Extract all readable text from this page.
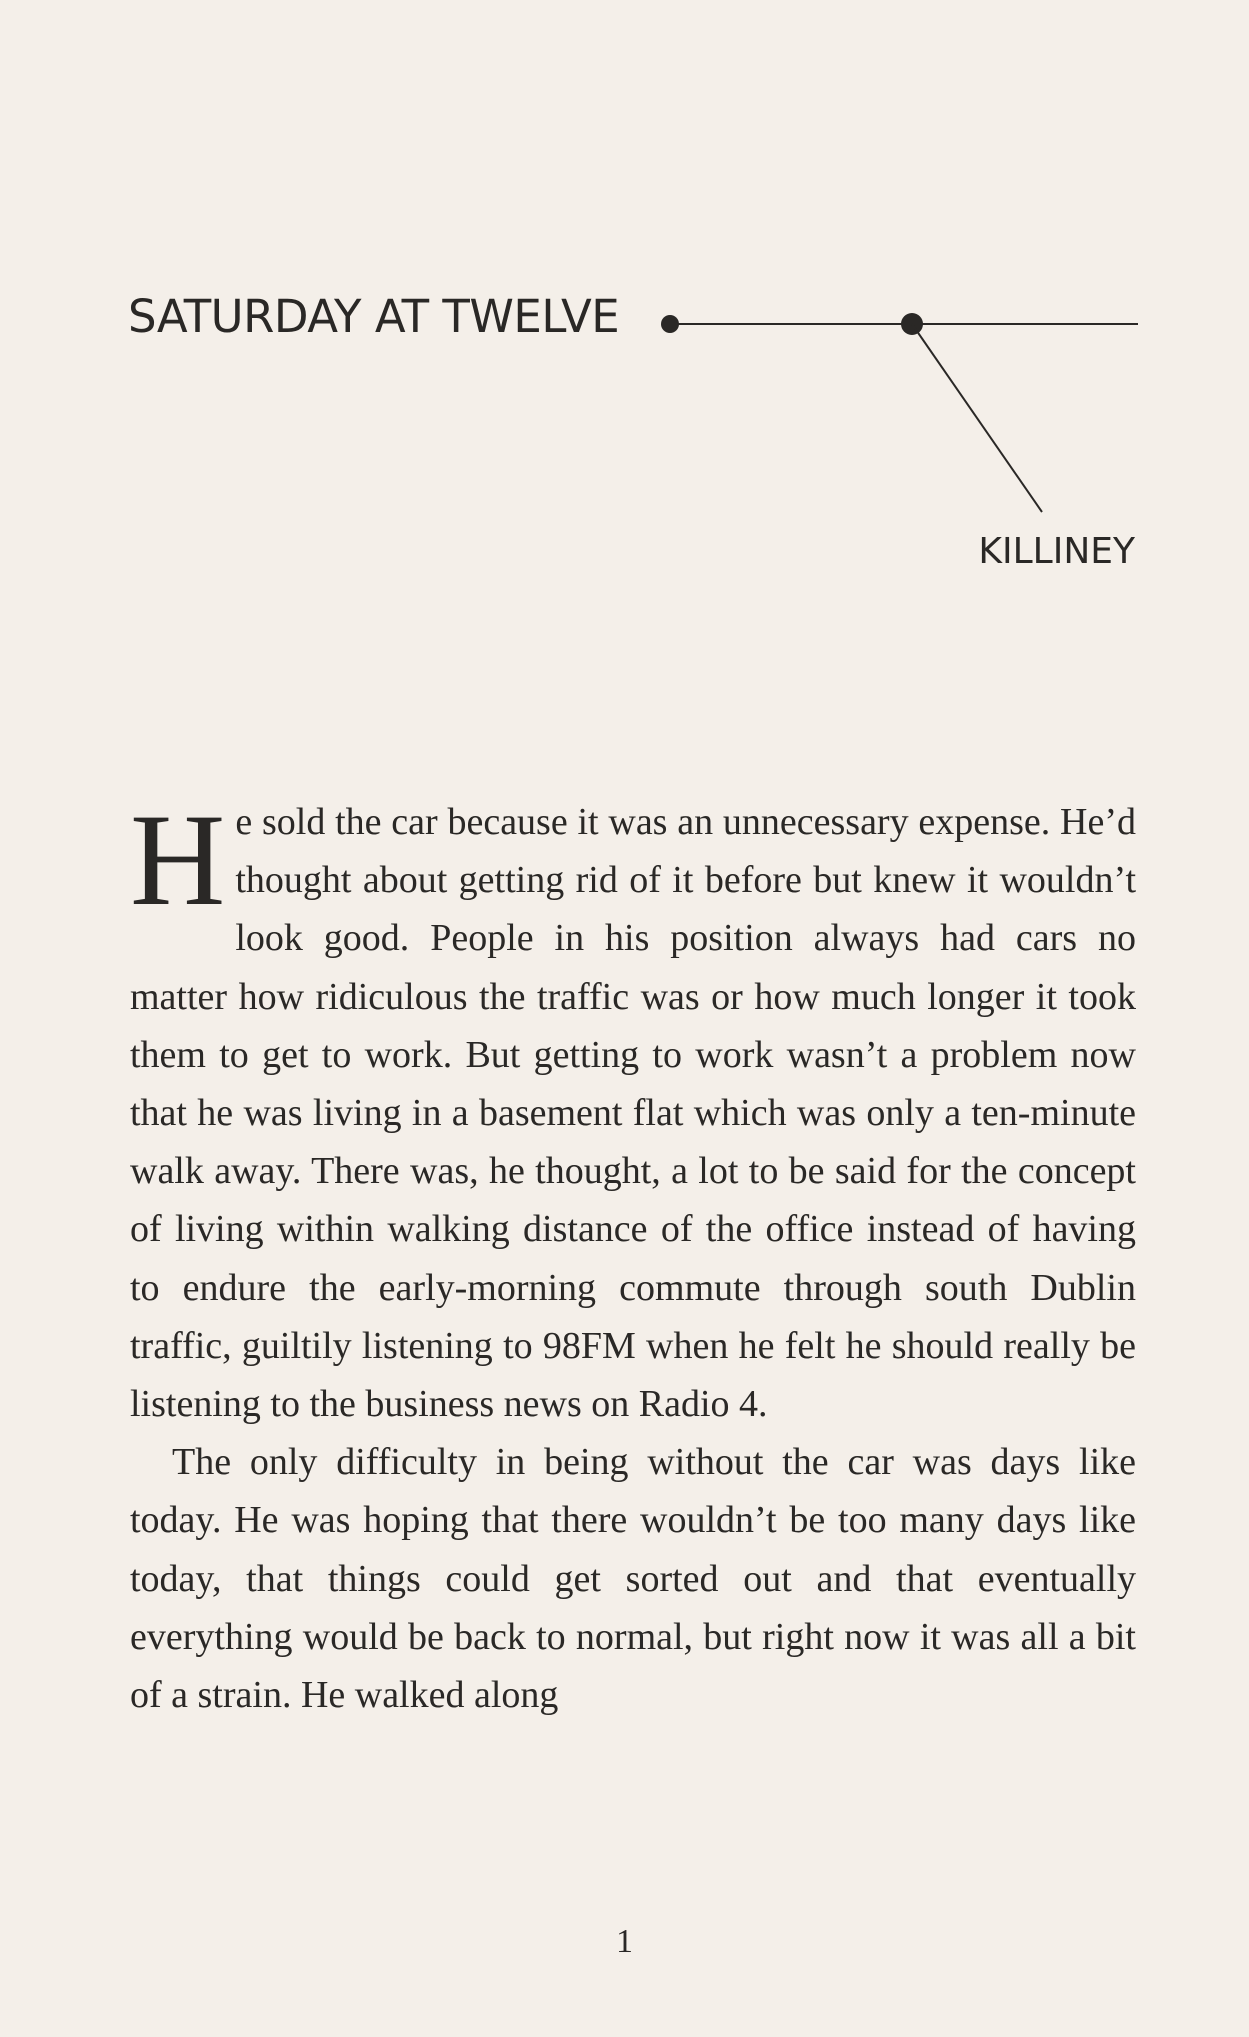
SATURDAY AT TWELVE
KILLINEY

He sold the car because it was an unnecessary expense. He’d thought about getting rid of it before but knew it wouldn’t look good. People in his position always had cars no matter how ridiculous the traffic was or how much longer it took them to get to work. But getting to work wasn’t a problem now that he was living in a basement flat which was only a ten-minute walk away. There was, he thought, a lot to be said for the concept of living within walking distance of the office instead of having to endure the early-morning commute through south Dublin traffic, guiltily listening to 98FM when he felt he should really be listening to the business news on Radio 4.

The only difficulty in being without the car was days like today. He was hoping that there wouldn’t be too many days like today, that things could get sorted out and that eventually everything would be back to normal, but right now it was all a bit of a strain. He walked along

1
